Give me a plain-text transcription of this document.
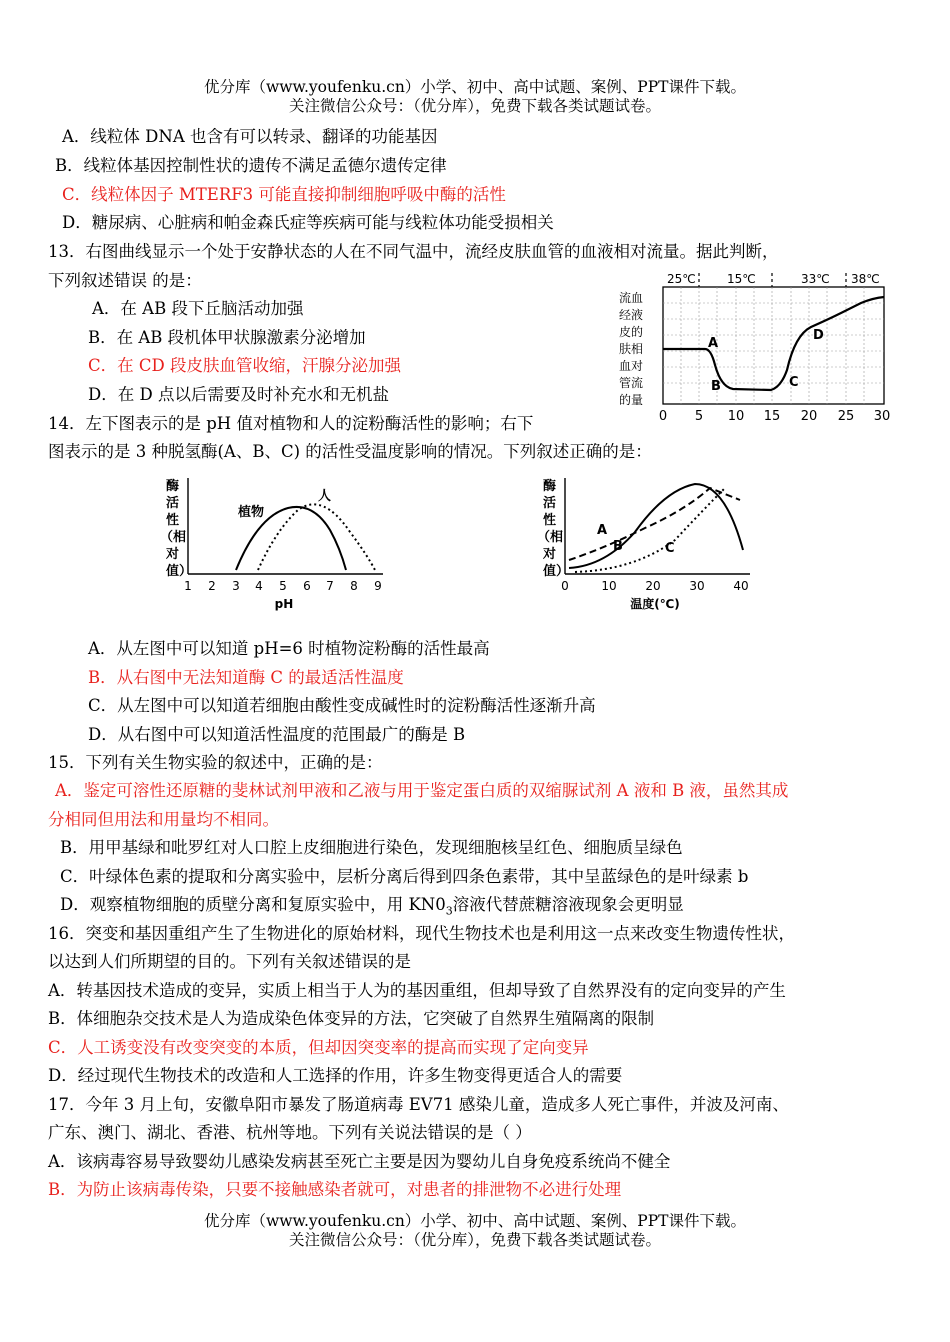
优分库（www.youfenku.cn）小学、初中、高中试题、案例、PPT课件下载。
关注微信公众号：（优分库），免费下载各类试题试卷。
A．线粒体 DNA 也含有可以转录、翻译的功能基因
B．线粒体基因控制性状的遗传不满足孟德尔遗传定律
C．线粒体因子 MTERF3 可能直接抑制细胞呼吸中酶的活性
D．糖尿病、心脏病和帕金森氏症等疾病可能与线粒体功能受损相关
13．右图曲线显示一个处于安静状态的人在不同气温中，流经皮肤血管的血液相对流量。据此判断，
下列叙述错误 的是：
A．在 AB 段下丘脑活动加强
B．在 AB 段机体甲状腺激素分泌增加
C．在 CD 段皮肤血管收缩，汗腺分泌加强
D．在 D 点以后需要及时补充水和无机盐
25℃	15℃	33℃ 38℃
流血
经液
皮的
肤相
血对
管流
的量
0 5 10 15 20 25 30
A
B	C
D
14．左下图表示的是 pH 值对植物和人的淀粉酶活性的影响；右下
图表示的是 3 种脱氢酶(A、B、C) 的活性受温度影响的情况。下列叙述正确的是：
酶
活
性
（相
对
值）
1 2 3 4 5 6 7 8 9
pH
植物
人
酶
活
性
（相
对
值）
0	10 20 30 40
温度(℃)
A
B	C
A．从左图中可以知道 pH=6 时植物淀粉酶的活性最高
B．从右图中无法知道酶 C 的最适活性温度
C．从左图中可以知道若细胞由酸性变成碱性时的淀粉酶活性逐渐升高
D．从右图中可以知道活性温度的范围最广的酶是 B
15．下列有关生物实验的叙述中，正确的是：
A．鉴定可溶性还原糖的斐林试剂甲液和乙液与用于鉴定蛋白质的双缩脲试剂 A 液和 B 液，虽然其成
分相同但用法和用量均不相同。
B．用甲基绿和吡罗红对人口腔上皮细胞进行染色，发现细胞核呈红色、细胞质呈绿色
C．叶绿体色素的提取和分离实验中，层析分离后得到四条色素带，其中呈蓝绿色的是叶绿素 b
D．观察植物细胞的质壁分离和复原实验中，用 $KN0_3$溶液代替蔗糖溶液现象会更明显
16．突变和基因重组产生了生物进化的原始材料，现代生物技术也是利用这一点来改变生物遗传性状，
以达到人们所期望的目的。下列有关叙述错误的是
A．转基因技术造成的变异，实质上相当于人为的基因重组，但却导致了自然界没有的定向变异的产生
B．体细胞杂交技术是人为造成染色体变异的方法，它突破了自然界生殖隔离的限制
C．人工诱变没有改变突变的本质，但却因突变率的提高而实现了定向变异
D．经过现代生物技术的改造和人工选择的作用，许多生物变得更适合人的需要
17．今年 3 月上旬，安徽阜阳市暴发了肠道病毒 EV71 感染儿童，造成多人死亡事件，并波及河南、
广东、澳门、湖北、香港、杭州等地。下列有关说法错误的是（ ）
A．该病毒容易导致婴幼儿感染发病甚至死亡主要是因为婴幼儿自身免疫系统尚不健全
B．为防止该病毒传染，只要不接触感染者就可，对患者的排泄物不必进行处理
优分库（www.youfenku.cn）小学、初中、高中试题、案例、PPT课件下载。
关注微信公众号：（优分库），免费下载各类试题试卷。
